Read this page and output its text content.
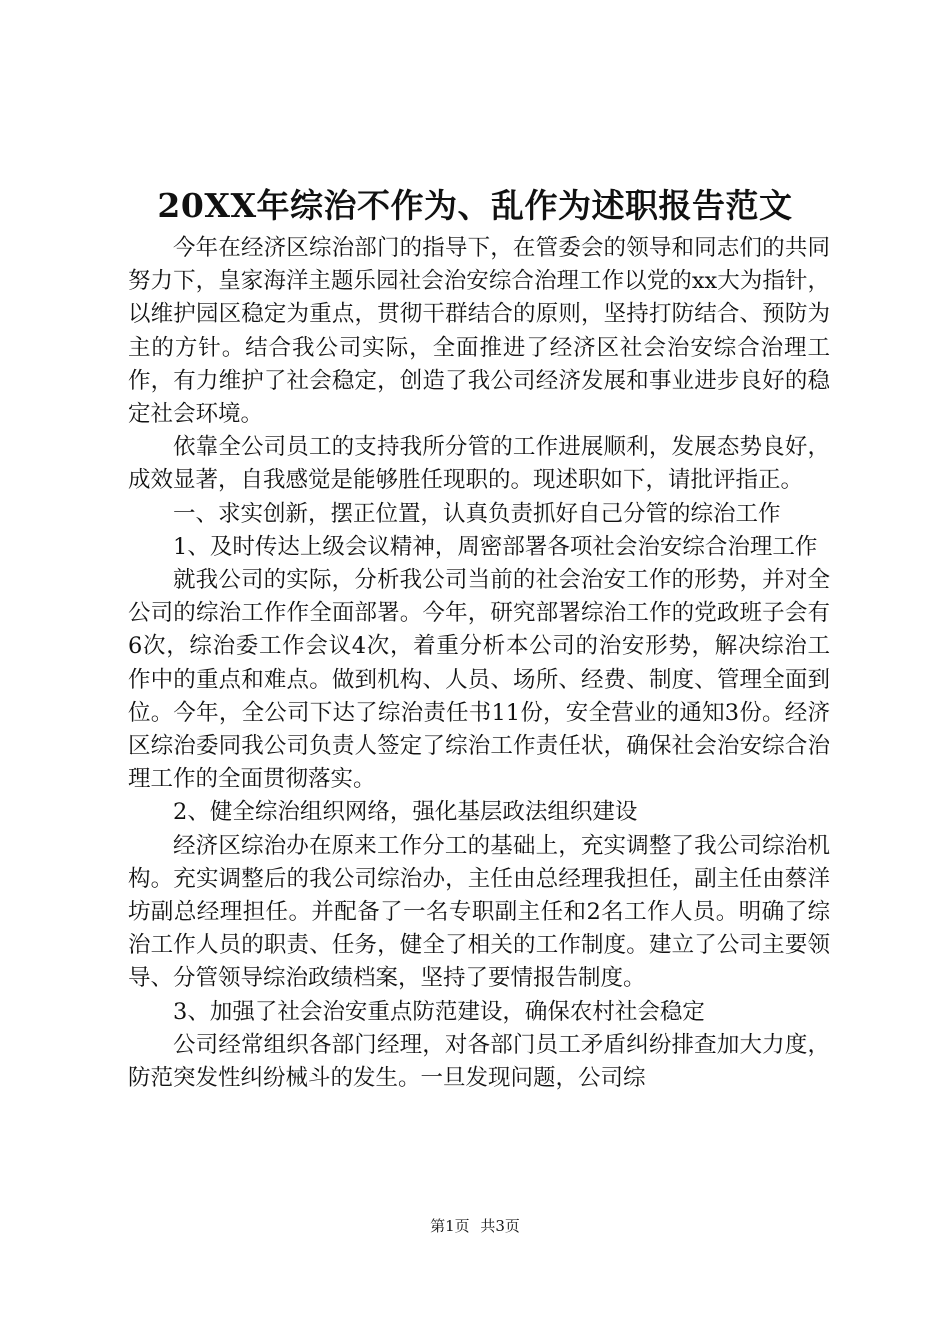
20XX年综治不作为、乱作为述职报告范文

今年在经济区综治部门的指导下，在管委会的领导和同志们的共同努力下，皇家海洋主题乐园社会治安综合治理工作以党的xx大为指针，以维护园区稳定为重点，贯彻干群结合的原则，坚持打防结合、预防为主的方针。结合我公司实际，全面推进了经济区社会治安综合治理工作，有力维护了社会稳定，创造了我公司经济发展和事业进步良好的稳定社会环境。

依靠全公司员工的支持我所分管的工作进展顺利，发展态势良好，成效显著，自我感觉是能够胜任现职的。现述职如下，请批评指正。

一、求实创新，摆正位置，认真负责抓好自己分管的综治工作

1、及时传达上级会议精神，周密部署各项社会治安综合治理工作

就我公司的实际，分析我公司当前的社会治安工作的形势，并对全公司的综治工作作全面部署。今年，研究部署综治工作的党政班子会有6次，综治委工作会议4次，着重分析本公司的治安形势，解决综治工作中的重点和难点。做到机构、人员、场所、经费、制度、管理全面到位。今年，全公司下达了综治责任书11份，安全营业的通知3份。经济区综治委同我公司负责人签定了综治工作责任状，确保社会治安综合治理工作的全面贯彻落实。

2、健全综治组织网络，强化基层政法组织建设

经济区综治办在原来工作分工的基础上，充实调整了我公司综治机构。充实调整后的我公司综治办，主任由总经理我担任，副主任由蔡洋坊副总经理担任。并配备了一名专职副主任和2名工作人员。明确了综治工作人员的职责、任务，健全了相关的工作制度。建立了公司主要领导、分管领导综治政绩档案，坚持了要情报告制度。

3、加强了社会治安重点防范建设，确保农村社会稳定

公司经常组织各部门经理，对各部门员工矛盾纠纷排查加大力度，防范突发性纠纷械斗的发生。一旦发现问题，公司综

第1页 共3页
